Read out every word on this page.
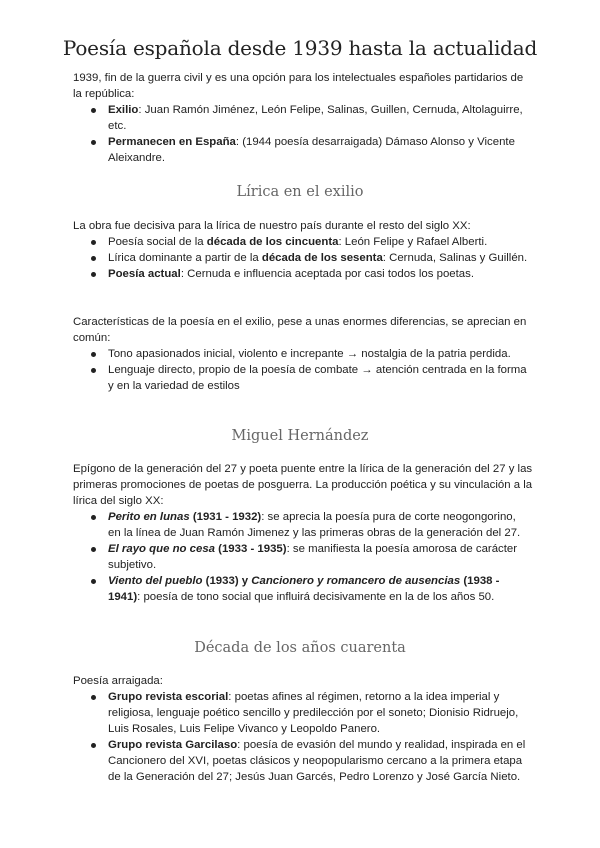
Poesía española desde 1939 hasta la actualidad
1939, fin de la guerra civil y es una opción para los intelectuales españoles partidarios de la república:
Exilio: Juan Ramón Jiménez, León Felipe, Salinas, Guillen, Cernuda, Altolaguirre, etc.
Permanecen en España: (1944 poesía desarraigada) Dámaso Alonso y Vicente Aleixandre.
Lírica en el exilio
La obra fue decisiva para la lírica de nuestro país durante el resto del siglo XX:
Poesía social de la década de los cincuenta: León Felipe y Rafael Alberti.
Lírica dominante a partir de la década de los sesenta: Cernuda, Salinas y Guillén.
Poesía actual: Cernuda e influencia aceptada por casi todos los poetas.
Características de la poesía en el exilio, pese a unas enormes diferencias, se aprecian en común:
Tono apasionados inicial, violento e increpante → nostalgia de la patria perdida.
Lenguaje directo, propio de la poesía de combate → atención centrada en la forma y en la variedad de estilos
Miguel Hernández
Epígono de la generación del 27 y poeta puente entre la lírica de la generación del 27 y las primeras promociones de poetas de posguerra. La producción poética y su vinculación a la lírica del siglo XX:
Perito en lunas (1931 - 1932): se aprecia la poesía pura de corte neogongorino, en la línea de Juan Ramón Jimenez y las primeras obras de la generación del 27.
El rayo que no cesa (1933 - 1935): se manifiesta la poesía amorosa de carácter subjetivo.
Viento del pueblo (1933) y Cancionero y romancero de ausencias (1938 - 1941): poesía de tono social que influirá decisivamente en la de los años 50.
Década de los años cuarenta
Poesía arraigada:
Grupo revista escorial: poetas afines al régimen, retorno a la idea imperial y religiosa, lenguaje poético sencillo y predilección por el soneto; Dionisio Ridruejo, Luis Rosales, Luis Felipe Vivanco y Leopoldo Panero.
Grupo revista Garcilaso: poesía de evasión del mundo y realidad, inspirada en el Cancionero del XVI, poetas clásicos y neopopularismo cercano a la primera etapa de la Generación del 27; Jesús Juan Garcés, Pedro Lorenzo y José García Nieto.
